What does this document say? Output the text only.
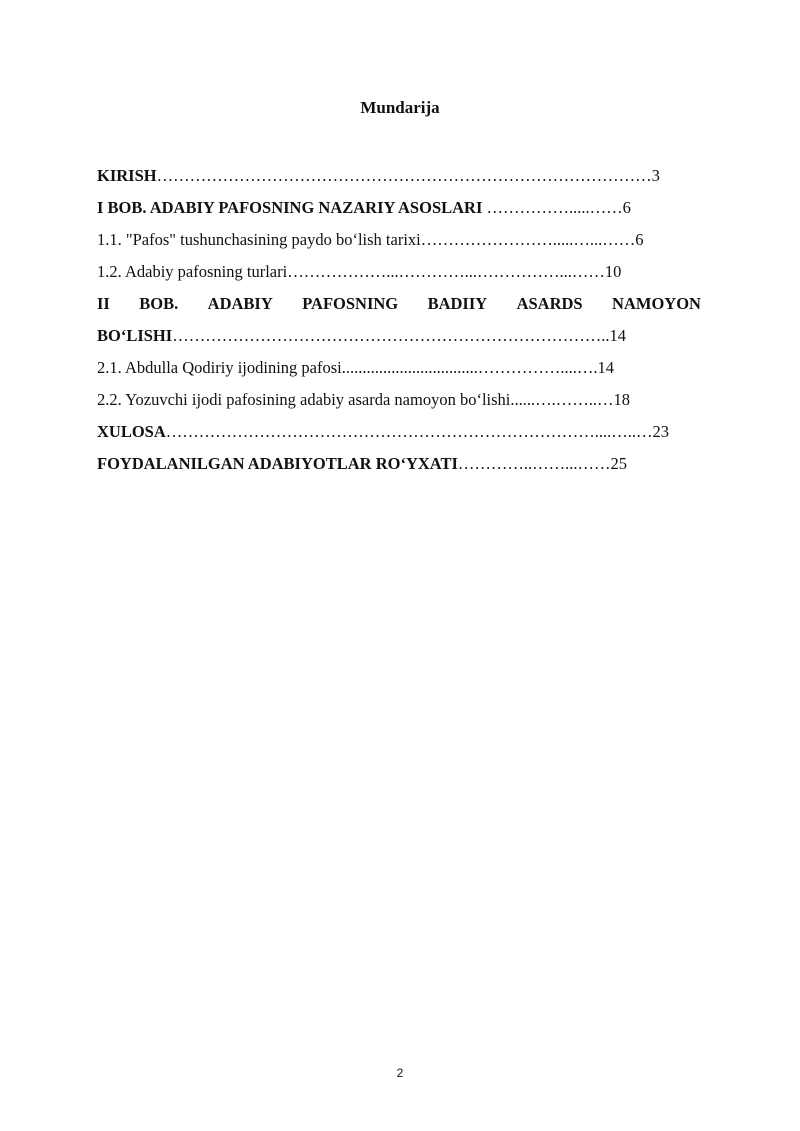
Mundarija
KIRISH………………………………………………………………………………3
I BOB. ADABIY PAFOSNING NAZARIY ASOSLARI …………….....……6
1.1. "Pafos" tushunchasining paydo bo‘lish tarixi…………………….....…...……6
1.2. Adabiy pafosning turlari………………...…………...……………...……10
II BOB. ADABIY PAFOSNING BADIIY ASARDS NAMOYON
BO‘LISHI……………………………………………………………………..14
2.1. Abdulla Qodiriy ijodining pafosi.................................……………....….14
2.2. Yozuvchi ijodi pafosining adabiy asarda namoyon bo‘lishi......….……..…18
XULOSA……………………………………………………………………....…..…23
FOYDALANILGAN ADABIYOTLAR RO‘YXATI…………..……...……25
2
